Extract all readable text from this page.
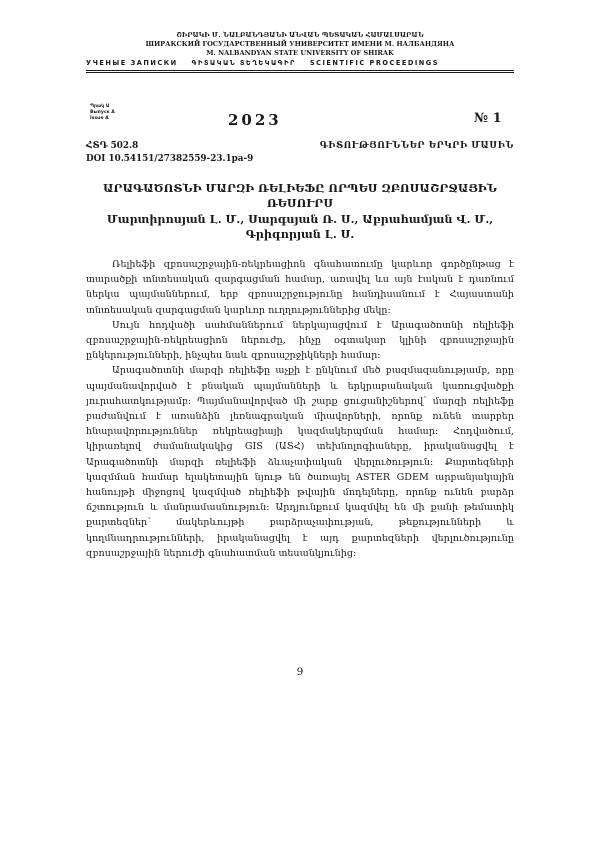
ՇԻՐԱԿԻ Մ. ՆԱԼԲԱՆԴՅԱՆԻ ԱՆՎԱՆ ՊԵՏԱԿԱՆ ՀԱՄԱԼՍԱՐԱՆ
ШИРАКСКИЙ ГОСУДАРСТВЕННЫЙ УНИВЕРСИТЕТ ИМЕНИ М. НАЛБАНДЯНА
M. NALBANDYAN STATE UNIVERSITY OF SHIRAK
УЧЕНЫЕ ЗАПИСКИ ԳԻՏԱԿԱՆ ՏԵՂԵԿԱԳԻՐ SCIENTIFIC PROCEEDINGS
Պրակ Ա
Выпуск А
Issue A	2023	№ 1
ՀՏԴ 502.8
DOI 10.54151/27382559-23.1pa-9
ԳԻՏՈՒԹՅՈՒՆՆԵՐ ԵՐԿՐԻ ՄԱՍԻՆ
ԱՐԱԳԱԾՈՏՆԻ ՄԱՐԶԻ ՌԵԼԻԵՖԸ ՈՐՊԵՍ ԶԲՈՍԱՇՐՋԱՅԻՆ
ՌԵՍՈՒՐՍ
Մարտիրոսյան Լ. Մ., Սարգսյան Ռ. Ս., Աբրահամյան Վ. Մ.,
Գրիգորյան Լ. Ս.

Ռելիեֆի զբոսաշրջային-ռեկրեացիոն գնահատումը կարևոր գործընթաց է տարածքի տնտեսական զարգացման համար, առավել ևս այն էական է դառնում ներկա պայմաններում, երբ զբոսաշրջությունը հանդիսանում է Հայաստանի տնտեսական զարգացման կարևոր ուղղություններից մեկը:

Սույն հոդվածի սահմաններում ներկայացվում է Արագածոտնի ռելիեֆի զբոսաշրջային-ռեկրեացիոն ներուժը, ինչը օգտակար կլինի զբոսաշրջային ընկերությունների, ինչպես նաև զբոսաշրջիկների համար:

Արագածոտնի մարզի ռելիեֆը աչքի է ընկնում մեծ բազմազանությամբ, որը պայմանավորված է բնական պայմանների և երկրաբանական կառուցվածքի յուրահատկությամբ: Պայմանավորված մի շարք ցուցանիշներով՝ մարզի ռելիեֆը բաժանվում է առանձին լեռնագրական միավորների, որոնք ունեն տարբեր հնարավորություններ ռեկրեացիայի կազմակերպման համար: Հոդվածում, կիրառելով ժամանակակից GIS (ԱՏՀ) տեխնոլոգիաները, իրականացվել է Արագածոտնի մարզի ռելիեֆի ձևաչափական վերլուծություն: Քարտեզների կազմման համար ելակետային նյութ են ծառայել ASTER GDEM արբանյակային հանույթի միջոցով կազմված ռելիեֆի թվային մոդելները, որոնք ունեն բարձր ճշտություն և մանրամասնություն: Արդյունքում կազմվել են մի քանի թեմատիկ քարտեզներ՝ մակերևույթի բարձրաչափության, թեքությունների և կողմնադրությունների, իրականացվել է այդ քարտեզների վերլուծությունը զբոսաշրջային ներուժի գնահատման տեսանկյունից:

9
